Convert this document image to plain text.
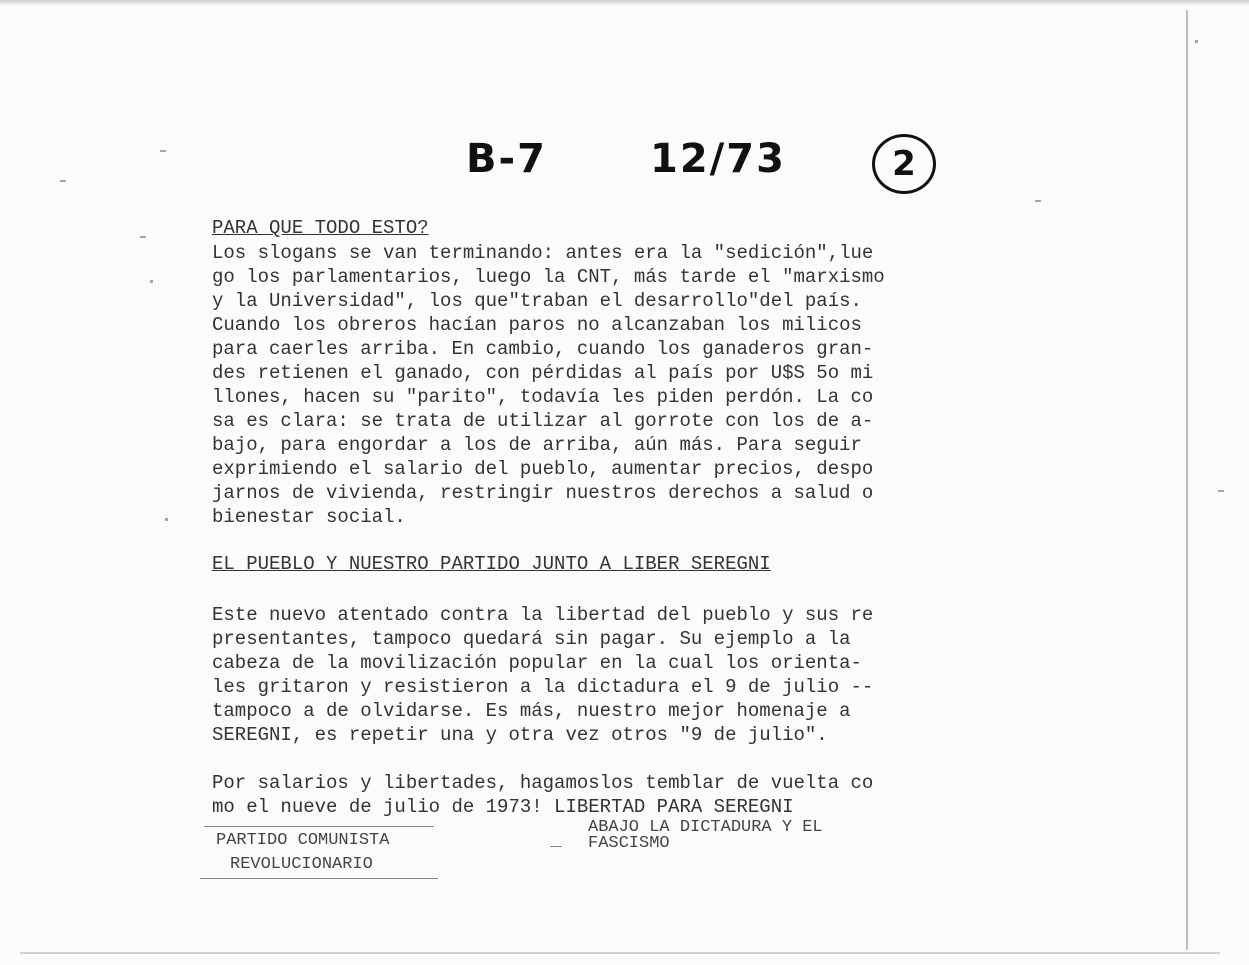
B-7	12/73	2
PARA QUE TODO ESTO?
Los slogans se van terminando: antes era la "sedición",lue
go los parlamentarios, luego la CNT, más tarde el "marxismo
y la Universidad", los que"traban el desarrollo"del país.
Cuando los obreros hacían paros no alcanzaban los milicos
para caerles arriba. En cambio, cuando los ganaderos gran-
des retienen el ganado, con pérdidas al país por U$S 5o mi
llones, hacen su "parito", todavía les piden perdón. La co
sa es clara: se trata de utilizar al gorrote con los de a-
bajo, para engordar a los de arriba, aún más. Para seguir
exprimiendo el salario del pueblo, aumentar precios, despo
jarnos de vivienda, restringir nuestros derechos a salud o
bienestar social.
EL PUEBLO Y NUESTRO PARTIDO JUNTO A LIBER SEREGNI
Este nuevo atentado contra la libertad del pueblo y sus re
presentantes, tampoco quedará sin pagar. Su ejemplo a la
cabeza de la movilización popular en la cual los orienta-
les gritaron y resistieron a la dictadura el 9 de julio --
tampoco a de olvidarse. Es más, nuestro mejor homenaje a
SEREGNI, es repetir una y otra vez otros "9 de julio".
Por salarios y libertades, hagamoslos temblar de vuelta co
mo el nueve de julio de 1973! LIBERTAD PARA SEREGNI
PARTIDO COMUNISTA
REVOLUCIONARIO
ABAJO LA DICTADURA Y EL
FASCISMO
